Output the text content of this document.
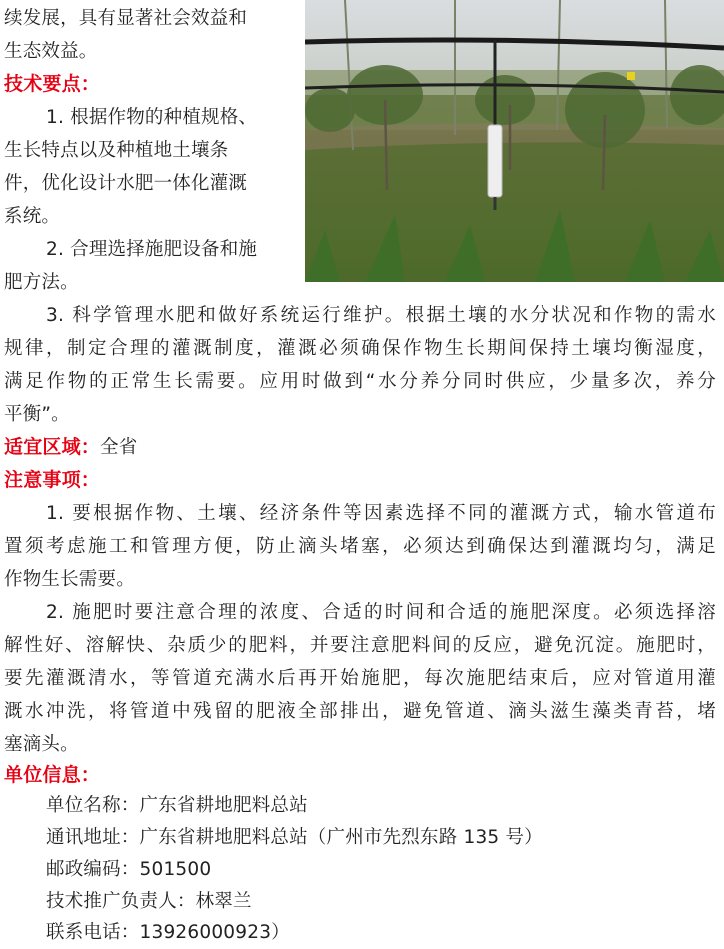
续发展，具有显著社会效益和
生态效益。
技术要点：
1. 根据作物的种植规格、
生长特点以及种植地土壤条
件，优化设计水肥一体化灌溉
系统。
2. 合理选择施肥设备和施
肥方法。
3. 科学管理水肥和做好系统运行维护。根据土壤的水分状况和作物的需水
规律，制定合理的灌溉制度，灌溉必须确保作物生长期间保持土壤均衡湿度，
满足作物的正常生长需要。应用时做到“水分养分同时供应，少量多次，养分
平衡”。
适宜区域：全省
注意事项：
1. 要根据作物、土壤、经济条件等因素选择不同的灌溉方式，输水管道布
置须考虑施工和管理方便，防止滴头堵塞，必须达到确保达到灌溉均匀，满足
作物生长需要。
2. 施肥时要注意合理的浓度、合适的时间和合适的施肥深度。必须选择溶
解性好、溶解快、杂质少的肥料，并要注意肥料间的反应，避免沉淀。施肥时，
要先灌溉清水，等管道充满水后再开始施肥，每次施肥结束后，应对管道用灌
溉水冲洗，将管道中残留的肥液全部排出，避免管道、滴头滋生藻类青苔，堵
塞滴头。
单位信息：
单位名称：广东省耕地肥料总站
通讯地址：广东省耕地肥料总站（广州市先烈东路 135 号）
邮政编码：501500
技术推广负责人：林翠兰
联系电话：13926000923）
